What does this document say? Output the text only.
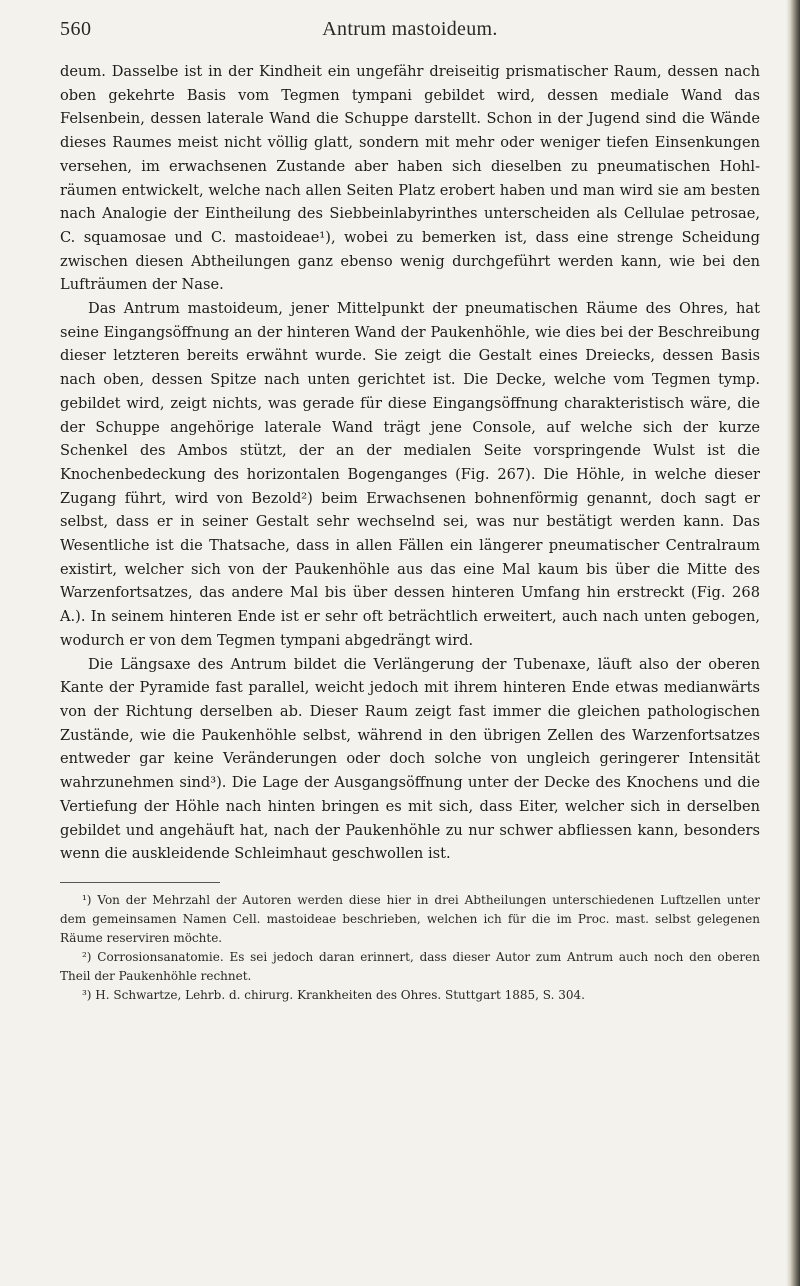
560	Antrum mastoideum.

deum. Dasselbe ist in der Kindheit ein ungefähr dreiseitig prismatischer Raum, dessen nach oben gekehrte Basis vom Tegmen tympani gebildet wird, dessen mediale Wand das Felsenbein, dessen laterale Wand die Schuppe darstellt. Schon in der Jugend sind die Wände dieses Raumes meist nicht völlig glatt, sondern mit mehr oder weniger tiefen Einsenkungen versehen, im erwachsenen Zustande aber haben sich dieselben zu pneumatischen Hohlräumen entwickelt, welche nach allen Seiten Platz erobert haben und man wird sie am besten nach Analogie der Eintheilung des Siebbeinlabyrinthes unterscheiden als Cellulae petrosae, C. squamosae und C. mastoideae¹), wobei zu bemerken ist, dass eine strenge Scheidung zwischen diesen Abtheilungen ganz ebenso wenig durchgeführt werden kann, wie bei den Lufträumen der Nase.

Das Antrum mastoideum, jener Mittelpunkt der pneumatischen Räume des Ohres, hat seine Eingangsöffnung an der hinteren Wand der Paukenhöhle, wie dies bei der Beschreibung dieser letzteren bereits erwähnt wurde. Sie zeigt die Gestalt eines Dreiecks, dessen Basis nach oben, dessen Spitze nach unten gerichtet ist. Die Decke, welche vom Tegmen tymp. gebildet wird, zeigt nichts, was gerade für diese Eingangsöffnung charakteristisch wäre, die der Schuppe angehörige laterale Wand trägt jene Console, auf welche sich der kurze Schenkel des Ambos stützt, der an der medialen Seite vorspringende Wulst ist die Knochenbedeckung des horizontalen Bogenganges (Fig. 267). Die Höhle, in welche dieser Zugang führt, wird von Bezold²) beim Erwachsenen bohnenförmig genannt, doch sagt er selbst, dass er in seiner Gestalt sehr wechselnd sei, was nur bestätigt werden kann. Das Wesentliche ist die Thatsache, dass in allen Fällen ein längerer pneumatischer Centralraum existirt, welcher sich von der Paukenhöhle aus das eine Mal kaum bis über die Mitte des Warzenfortsatzes, das andere Mal bis über dessen hinteren Umfang hin erstreckt (Fig. 268 A.). In seinem hinteren Ende ist er sehr oft beträchtlich erweitert, auch nach unten gebogen, wodurch er von dem Tegmen tympani abgedrängt wird.

Die Längsaxe des Antrum bildet die Verlängerung der Tubenaxe, läuft also der oberen Kante der Pyramide fast parallel, weicht jedoch mit ihrem hinteren Ende etwas medianwärts von der Richtung derselben ab. Dieser Raum zeigt fast immer die gleichen pathologischen Zustände, wie die Paukenhöhle selbst, während in den übrigen Zellen des Warzenfortsatzes entweder gar keine Veränderungen oder doch solche von ungleich geringerer Intensität wahrzunehmen sind³). Die Lage der Ausgangsöffnung unter der Decke des Knochens und die Vertiefung der Höhle nach hinten bringen es mit sich, dass Eiter, welcher sich in derselben gebildet und angehäuft hat, nach der Paukenhöhle zu nur schwer abfliessen kann, besonders wenn die auskleidende Schleimhaut geschwollen ist.

¹) Von der Mehrzahl der Autoren werden diese hier in drei Abtheilungen unterschiedenen Luftzellen unter dem gemeinsamen Namen Cell. mastoideae beschrieben, welchen ich für die im Proc. mast. selbst gelegenen Räume reserviren möchte.

²) Corrosionsanatomie. Es sei jedoch daran erinnert, dass dieser Autor zum Antrum auch noch den oberen Theil der Paukenhöhle rechnet.

³) H. Schwartze, Lehrb. d. chirurg. Krankheiten des Ohres. Stuttgart 1885, S. 304.
